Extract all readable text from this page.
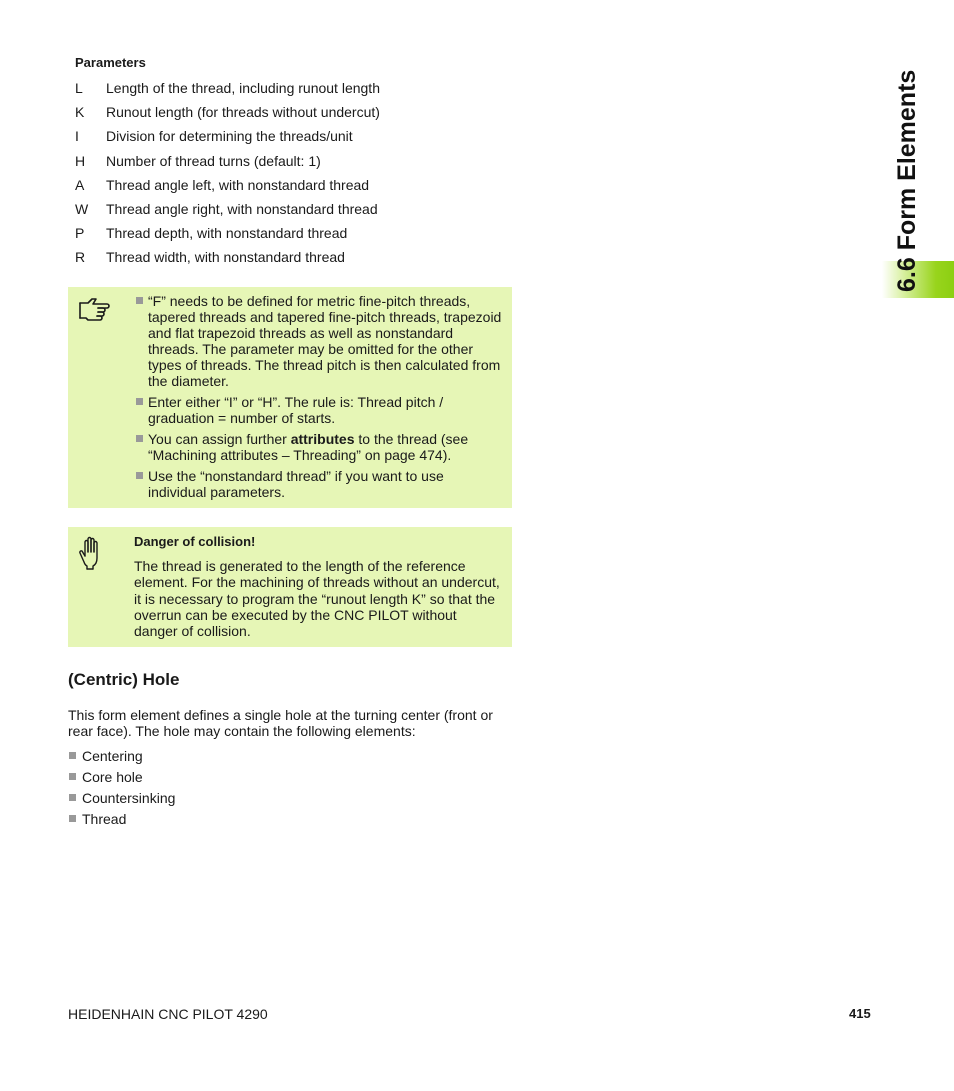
6.6 Form Elements
Parameters
L	Length of the thread, including runout length
K	Runout length (for threads without undercut)
I	Division for determining the threads/unit
H	Number of thread turns (default: 1)
A	Thread angle left, with nonstandard thread
W	Thread angle right, with nonstandard thread
P	Thread depth, with nonstandard thread
R	Thread width, with nonstandard thread
“F” needs to be defined for metric fine-pitch threads, tapered threads and tapered fine-pitch threads, trapezoid and flat trapezoid threads as well as nonstandard threads. The parameter may be omitted for the other types of threads. The thread pitch is then calculated from the diameter.
Enter either “I” or “H”. The rule is: Thread pitch / graduation = number of starts.
You can assign further attributes to the thread (see “Machining attributes – Threading” on page 474).
Use the “nonstandard thread” if you want to use individual parameters.
Danger of collision!
The thread is generated to the length of the reference element. For the machining of threads without an undercut, it is necessary to program the “runout length K” so that the overrun can be executed by the CNC PILOT without danger of collision.
(Centric) Hole
This form element defines a single hole at the turning center (front or rear face). The hole may contain the following elements:
Centering
Core hole
Countersinking
Thread
HEIDENHAIN CNC PILOT 4290	415
